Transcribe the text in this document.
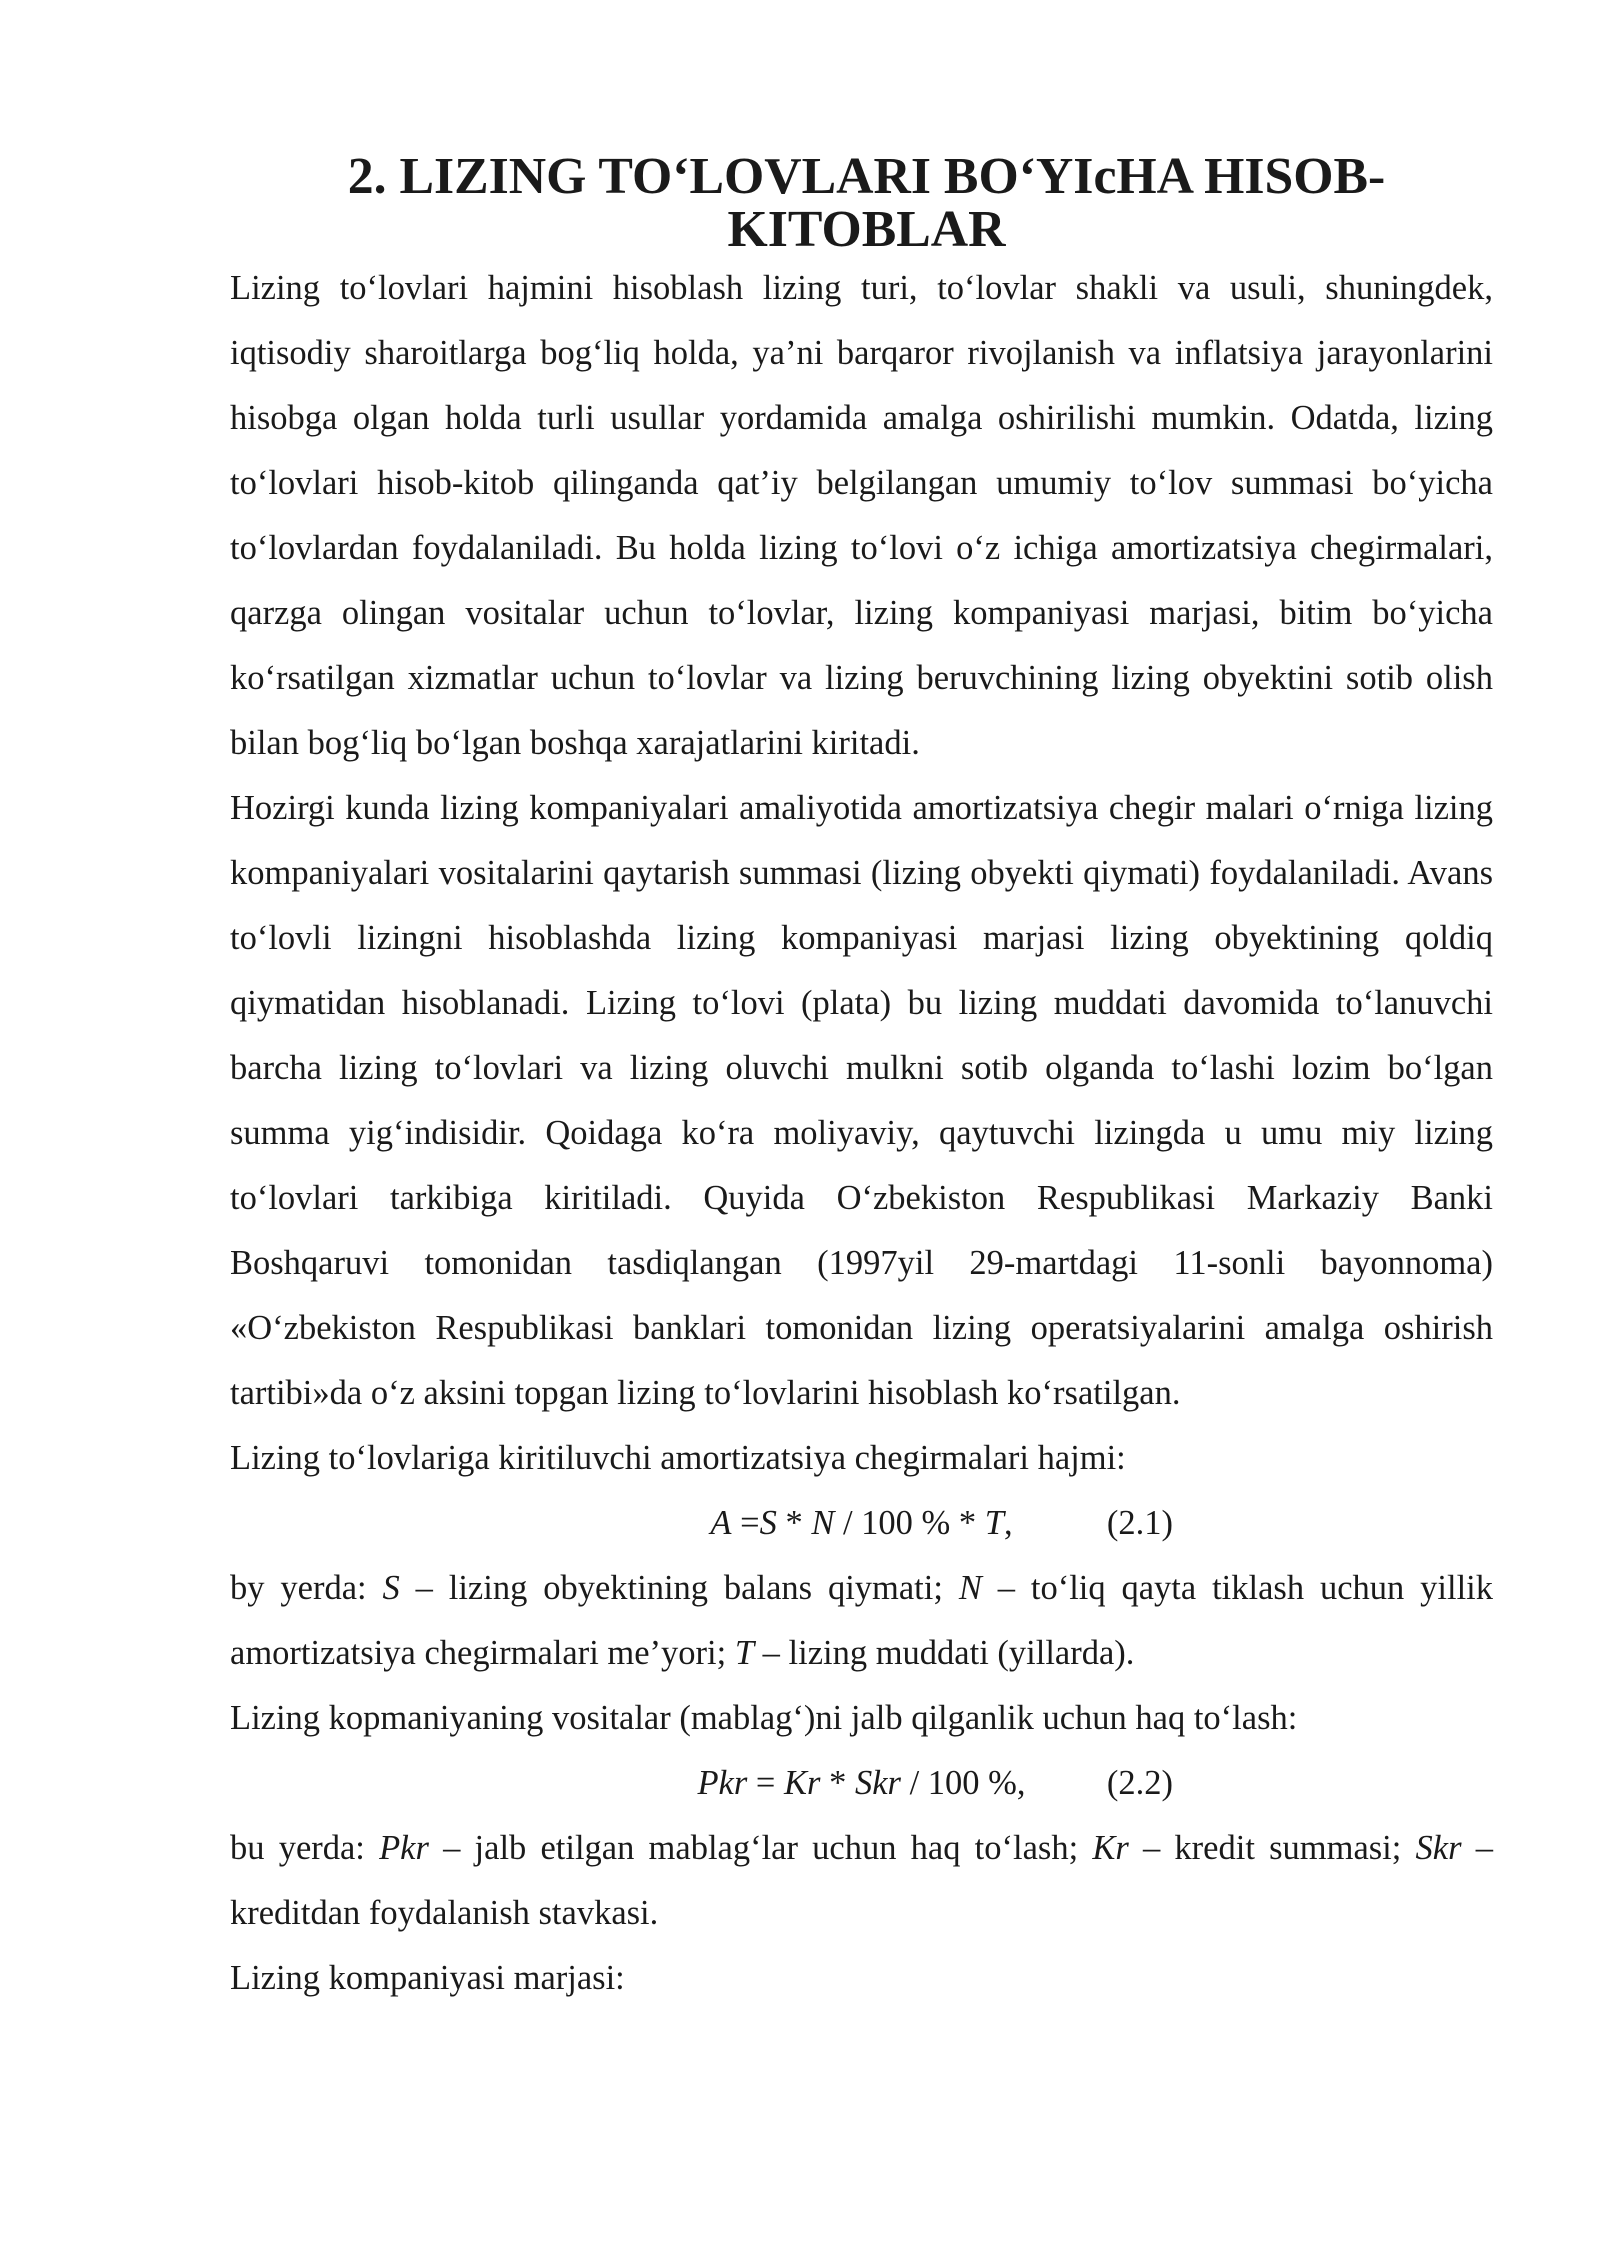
2. LIZING TO‘LOVLARI BO‘YIcHA HISOB-KITOBLAR

Lizing to‘lovlari hajmini hisoblash lizing turi, to‘lovlar shakli va usuli, shuningdek, iqtisodiy sharoitlarga bog‘liq holda, ya’ni barqaror rivojlanish va inflatsiya jarayonlarini hisobga olgan holda turli usullar yordamida amalga oshirilishi mumkin. Odatda, lizing to‘lovlari hisob-kitob qilinganda qat’iy belgilangan umumiy to‘lov summasi bo‘yicha to‘lovlardan foydalaniladi. Bu holda lizing to‘lovi o‘z ichiga amortizatsiya chegirmalari, qarzga olingan vositalar uchun to‘lovlar, lizing kompaniyasi marjasi, bitim bo‘yicha ko‘rsatilgan xizmatlar uchun to‘lovlar va lizing beruvchining lizing obyektini sotib olish bilan bog‘liq bo‘lgan boshqa xarajatlarini kiritadi.

Hozirgi kunda lizing kompaniyalari amaliyotida amortizatsiya chegir malari o‘rniga lizing kompaniyalari vositalarini qaytarish summasi (lizing obyekti qiymati) foydalaniladi. Avans to‘lovli lizingni hisoblashda lizing kompaniyasi marjasi lizing obyektining qoldiq qiymatidan hisoblanadi. Lizing to‘lovi (plata) bu lizing muddati davomida to‘lanuvchi barcha lizing to‘lovlari va lizing oluvchi mulkni sotib olganda to‘lashi lozim bo‘lgan summa yig‘indisidir. Qoidaga ko‘ra moliyaviy, qaytuvchi lizingda u umu miy lizing to‘lovlari tarkibiga kiritiladi. Quyida O‘zbekiston Respublikasi Markaziy Banki Boshqaruvi tomonidan tasdiqlangan (1997yil 29-martdagi 11-sonli bayonnoma) «O‘zbekiston Respublikasi banklari tomonidan lizing operatsiyalarini amalga oshirish tartibi»da o‘z aksini topgan lizing to‘lovlarini hisoblash ko‘rsatilgan.

Lizing to‘lovlariga kiritiluvchi amortizatsiya chegirmalari hajmi:

A =S * N / 100 % * T,	(2.1)

by yerda: S – lizing obyektining balans qiymati; N – to‘liq qayta tiklash uchun yillik amortizatsiya chegirmalari me’yori; T – lizing muddati (yillarda).

Lizing kopmaniyaning vositalar (mablag‘)ni jalb qilganlik uchun haq to‘lash:

Pkr = Kr * Skr / 100 %,	(2.2)

bu yerda: Pkr – jalb etilgan mablag‘lar uchun haq to‘lash; Kr – kredit summasi; Skr – kreditdan foydalanish stavkasi.

Lizing kompaniyasi marjasi:
